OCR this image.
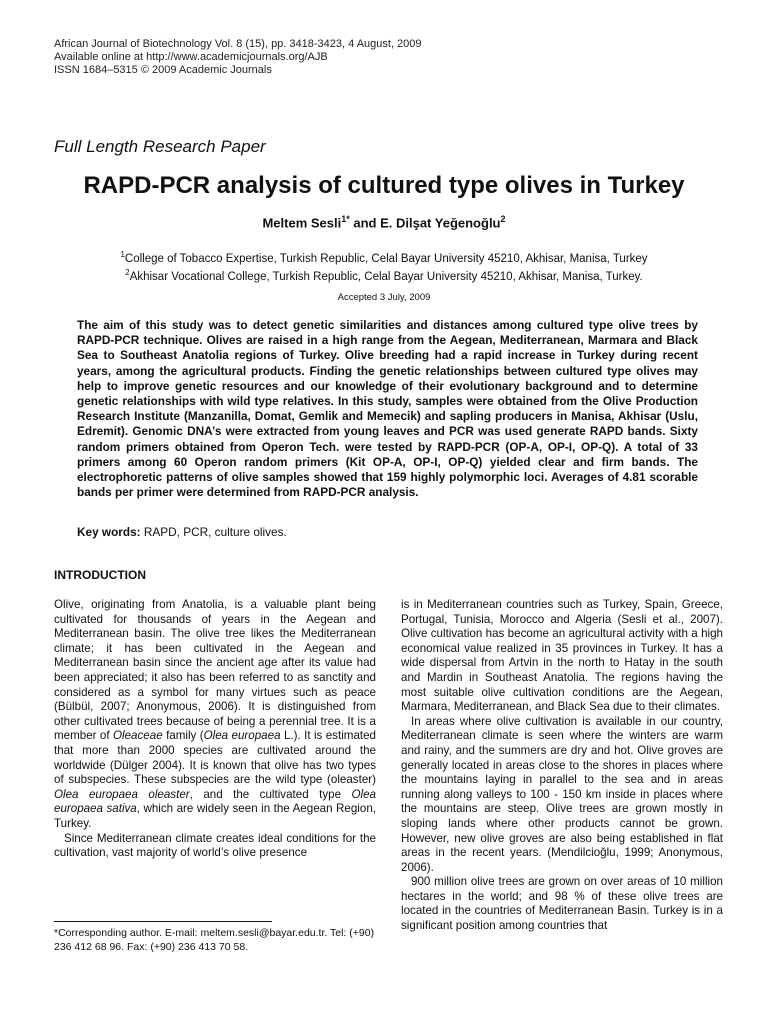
African Journal of Biotechnology Vol. 8 (15), pp. 3418-3423, 4 August, 2009
Available online at http://www.academicjournals.org/AJB
ISSN 1684–5315 © 2009 Academic Journals
Full Length Research Paper
RAPD-PCR analysis of cultured type olives in Turkey
Meltem Sesli$^{1*}$ and E. Dilşat Yeğenoğlu$^2$
$^1$College of Tobacco Expertise, Turkish Republic, Celal Bayar University 45210, Akhisar, Manisa, Turkey
$^2$Akhisar Vocational College, Turkish Republic, Celal Bayar University 45210, Akhisar, Manisa, Turkey.
Accepted 3 July, 2009
The aim of this study was to detect genetic similarities and distances among cultured type olive trees by RAPD-PCR technique. Olives are raised in a high range from the Aegean, Mediterranean, Marmara and Black Sea to Southeast Anatolia regions of Turkey. Olive breeding had a rapid increase in Turkey during recent years, among the agricultural products. Finding the genetic relationships between cultured type olives may help to improve genetic resources and our knowledge of their evolutionary background and to determine genetic relationships with wild type relatives. In this study, samples were obtained from the Olive Production Research Institute (Manzanilla, Domat, Gemlik and Memecik) and sapling producers in Manisa, Akhisar (Uslu, Edremit). Genomic DNA’s were extracted from young leaves and PCR was used generate RAPD bands. Sixty random primers obtained from Operon Tech. were tested by RAPD-PCR (OP-A, OP-I, OP-Q). A total of 33 primers among 60 Operon random primers (Kit OP-A, OP-I, OP-Q) yielded clear and firm bands. The electrophoretic patterns of olive samples showed that 159 highly polymorphic loci. Averages of 4.81 scorable bands per primer were determined from RAPD-PCR analysis.
Key words: RAPD, PCR, culture olives.
INTRODUCTION

Olive, originating from Anatolia, is a valuable plant being cultivated for thousands of years in the Aegean and Mediterranean basin. The olive tree likes the Mediterranean climate; it has been cultivated in the Aegean and Mediterranean basin since the ancient age after its value had been appreciated; it also has been referred to as sanctity and considered as a symbol for many virtues such as peace (Bülbül, 2007; Anonymous, 2006). It is distinguished from other cultivated trees because of being a perennial tree. It is a member of Oleaceae family (Olea europaea L.). It is estimated that more than 2000 species are cultivated around the worldwide (Dülger 2004). It is known that olive has two types of subspecies. These subspecies are the wild type (oleaster) Olea europaea oleaster, and the cultivated type Olea europaea sativa, which are widely seen in the Aegean Region, Turkey.

Since Mediterranean climate creates ideal conditions for the cultivation, vast majority of world’s olive presence

is in Mediterranean countries such as Turkey, Spain, Greece, Portugal, Tunisia, Morocco and Algeria (Sesli et al., 2007). Olive cultivation has become an agricultural activity with a high economical value realized in 35 provinces in Turkey. It has a wide dispersal from Artvin in the north to Hatay in the south and Mardin in Southeast Anatolia. The regions having the most suitable olive cultivation conditions are the Aegean, Marmara, Mediterranean, and Black Sea due to their climates.

In areas where olive cultivation is available in our country, Mediterranean climate is seen where the winters are warm and rainy, and the summers are dry and hot. Olive groves are generally located in areas close to the shores in places where the mountains laying in parallel to the sea and in areas running along valleys to 100 - 150 km inside in places where the mountains are steep. Olive trees are grown mostly in sloping lands where other products cannot be grown. However, new olive groves are also being established in flat areas in the recent years. (Mendilcioğlu, 1999; Anonymous, 2006).

900 million olive trees are grown on over areas of 10 million hectares in the world; and 98 % of these olive trees are located in the countries of Mediterranean Basin. Turkey is in a significant position among countries that

*Corresponding author. E-mail: meltem.sesli@bayar.edu.tr. Tel: (+90) 236 412 68 96. Fax: (+90) 236 413 70 58.
